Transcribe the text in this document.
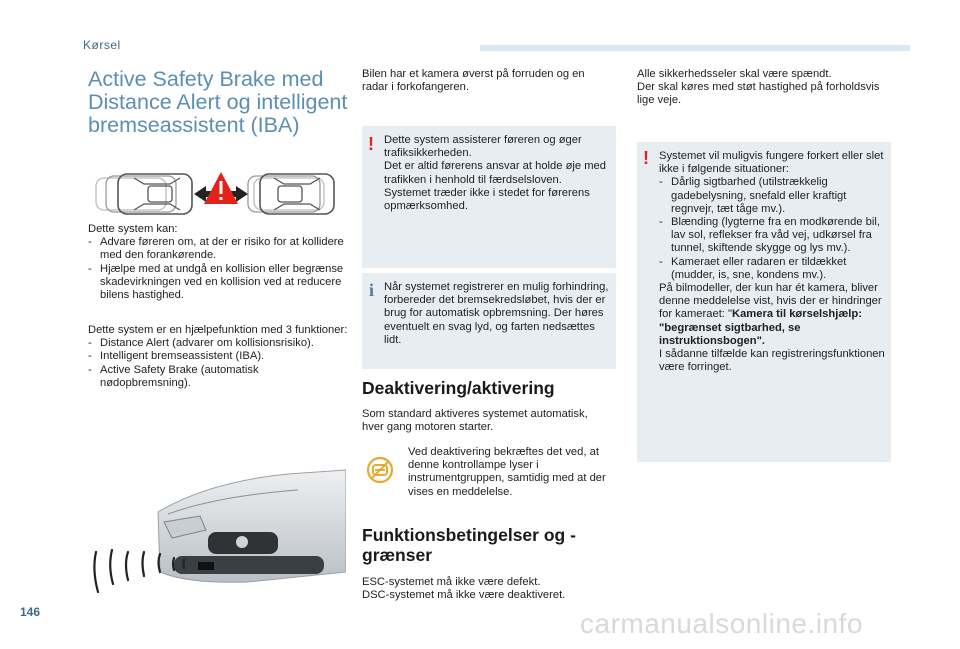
Kørsel
Active Safety Brake med Distance Alert og intelligent bremseassistent (IBA)
Dette system kan:
- Advare føreren om, at der er risiko for at kollidere med den forankørende.
- Hjælpe med at undgå en kollision eller begrænse skadevirkningen ved en kollision ved at reducere bilens hastighed.
Dette system er en hjælpefunktion med 3 funktioner:
- Distance Alert (advarer om kollisionsrisiko).
- Intelligent bremseassistent (IBA).
- Active Safety Brake (automatisk nødopbremsning).
Bilen har et kamera øverst på forruden og en radar i forkofangeren.
! Dette system assisterer føreren og øger trafiksikkerheden.
Det er altid førerens ansvar at holde øje med trafikken i henhold til færdselsloven.
Systemet træder ikke i stedet for førerens opmærksomhed.
i Når systemet registrerer en mulig forhindring, forbereder det bremsekredsløbet, hvis der er brug for automatisk opbremsning. Der høres eventuelt en svag lyd, og farten nedsættes lidt.
Deaktivering/aktivering
Som standard aktiveres systemet automatisk, hver gang motoren starter.
Ved deaktivering bekræftes det ved, at denne kontrollampe lyser i instrumentgruppen, samtidig med at der vises en meddelelse.
Funktionsbetingelser og -grænser
ESC-systemet må ikke være defekt.
DSC-systemet må ikke være deaktiveret.
Alle sikkerhedsseler skal være spændt.
Der skal køres med støt hastighed på forholdsvis lige veje.
! Systemet vil muligvis fungere forkert eller slet ikke i følgende situationer:
- Dårlig sigtbarhed (utilstrækkelig gadebelysning, snefald eller kraftigt regnvejr, tæt tåge mv.).
- Blænding (lygterne fra en modkørende bil, lav sol, reflekser fra våd vej, udkørsel fra tunnel, skiftende skygge og lys mv.).
- Kameraet eller radaren er tildækket (mudder, is, sne, kondens mv.).
På bilmodeller, der kun har ét kamera, bliver denne meddelelse vist, hvis der er hindringer for kameraet: "Kamera til kørselshjælp: "begrænset sigtbarhed, se instruktionsbogen".
I sådanne tilfælde kan registreringsfunktionen være forringet.
146	carmanualsonline.info
